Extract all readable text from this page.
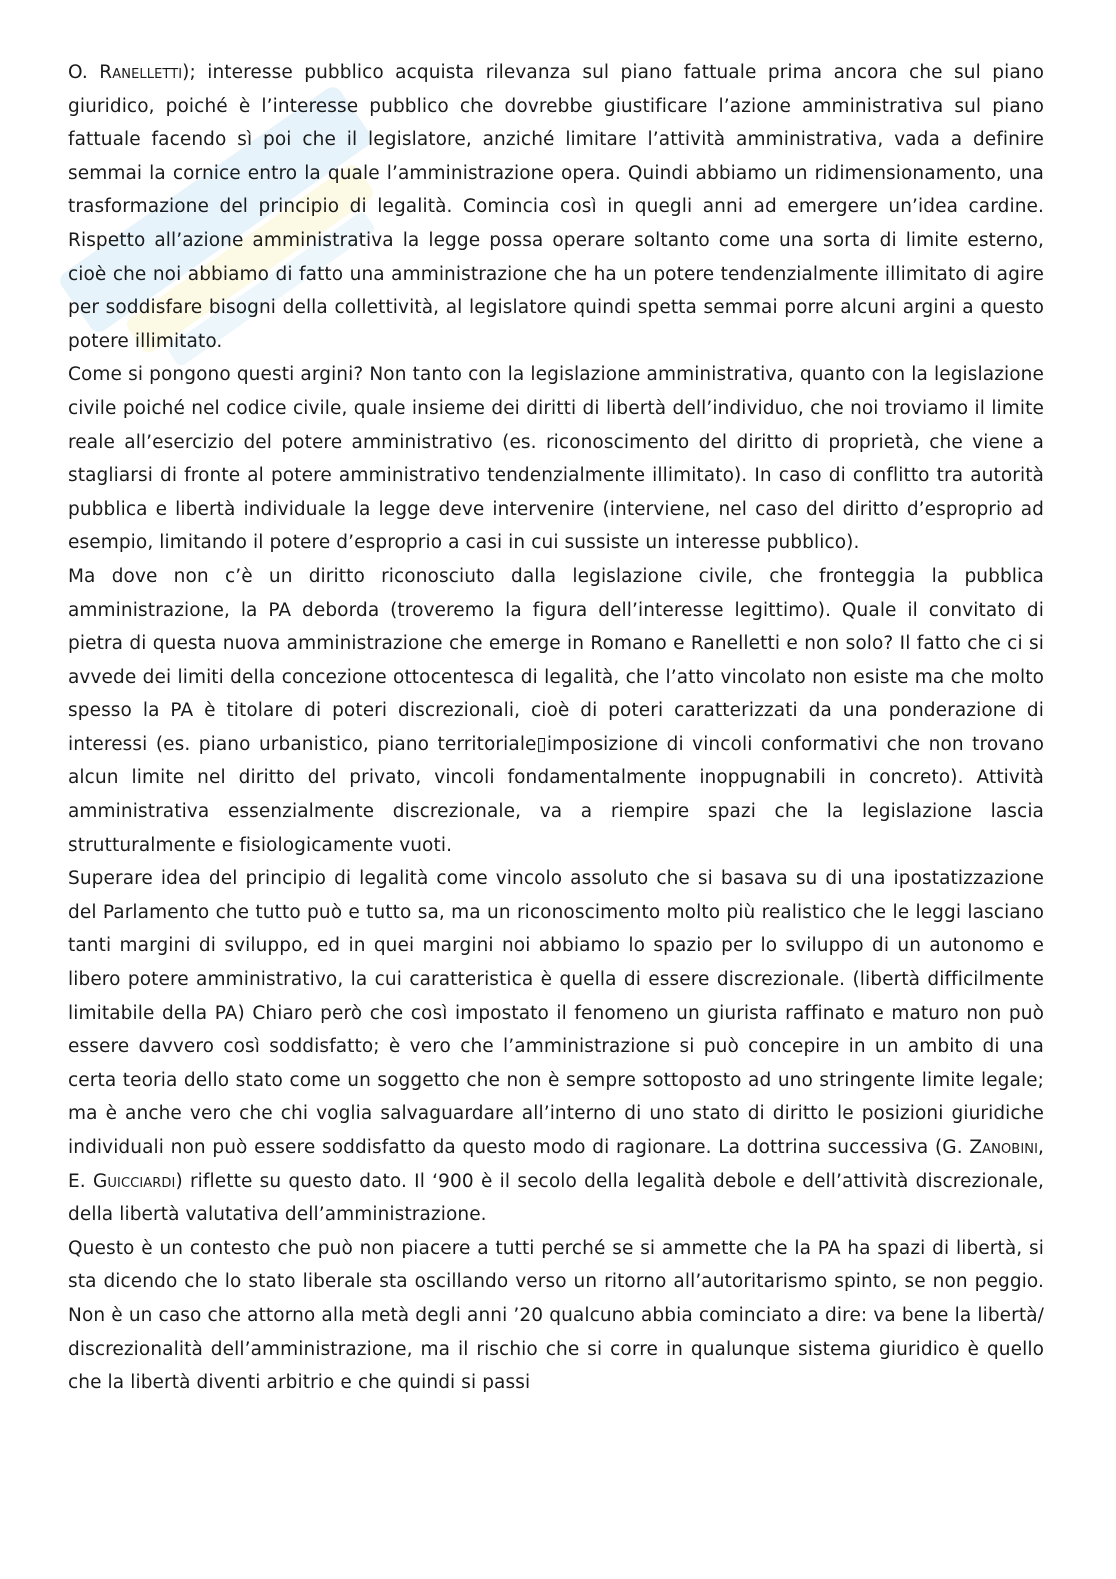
O. Ranelletti); interesse pubblico acquista rilevanza sul piano fattuale prima ancora che sul piano giuridico, poiché è l’interesse pubblico che dovrebbe giustificare l’azione amministrativa sul piano fattuale facendo sì poi che il legislatore, anziché limitare l’attività amministrativa, vada a definire semmai la cornice entro la quale l’amministrazione opera. Quindi abbiamo un ridimensionamento, una trasformazione del principio di legalità. Comincia così in quegli anni ad emergere un’idea cardine. Rispetto all’azione amministrativa la legge possa operare soltanto come una sorta di limite esterno, cioè che noi abbiamo di fatto una amministrazione che ha un potere tendenzialmente illimitato di agire per soddisfare bisogni della collettività, al legislatore quindi spetta semmai porre alcuni argini a questo potere illimitato.

Come si pongono questi argini? Non tanto con la legislazione amministrativa, quanto con la legislazione civile poiché nel codice civile, quale insieme dei diritti di libertà dell’individuo, che noi troviamo il limite reale all’esercizio del potere amministrativo (es. riconoscimento del diritto di proprietà, che viene a stagliarsi di fronte al potere amministrativo tendenzialmente illimitato). In caso di conflitto tra autorità pubblica e libertà individuale la legge deve intervenire (interviene, nel caso del diritto d’esproprio ad esempio, limitando il potere d’esproprio a casi in cui sussiste un interesse pubblico).

Ma dove non c’è un diritto riconosciuto dalla legislazione civile, che fronteggia la pubblica amministrazione, la PA deborda (troveremo la figura dell’interesse legittimo). Quale il convitato di pietra di questa nuova amministrazione che emerge in Romano e Ranelletti e non solo? Il fatto che ci si avvede dei limiti della concezione ottocentesca di legalità, che l’atto vincolato non esiste ma che molto spesso la PA è titolare di poteri discrezionali, cioè di poteri caratterizzati da una ponderazione di interessi (es. piano urbanistico, piano territoriale▯imposizione di vincoli conformativi che non trovano alcun limite nel diritto del privato, vincoli fondamentalmente inoppugnabili in concreto). Attività amministrativa essenzialmente discrezionale, va a riempire spazi che la legislazione lascia strutturalmente e fisiologicamente vuoti.

Superare idea del principio di legalità come vincolo assoluto che si basava su di una ipostatizzazione del Parlamento che tutto può e tutto sa, ma un riconoscimento molto più realistico che le leggi lasciano tanti margini di sviluppo, ed in quei margini noi abbiamo lo spazio per lo sviluppo di un autonomo e libero potere amministrativo, la cui caratteristica è quella di essere discrezionale. (libertà difficilmente limitabile della PA) Chiaro però che così impostato il fenomeno un giurista raffinato e maturo non può essere davvero così soddisfatto; è vero che l’amministrazione si può concepire in un ambito di una certa teoria dello stato come un soggetto che non è sempre sottoposto ad uno stringente limite legale; ma è anche vero che chi voglia salvaguardare all’interno di uno stato di diritto le posizioni giuridiche individuali non può essere soddisfatto da questo modo di ragionare. La dottrina successiva (G. Zanobini, E. Guicciardi) riflette su questo dato. Il ‘900 è il secolo della legalità debole e dell’attività discrezionale, della libertà valutativa dell’amministrazione.

Questo è un contesto che può non piacere a tutti perché se si ammette che la PA ha spazi di libertà, si sta dicendo che lo stato liberale sta oscillando verso un ritorno all’autoritarismo spinto, se non peggio. Non è un caso che attorno alla metà degli anni ’20 qualcuno abbia cominciato a dire: va bene la libertà/ discrezionalità dell’amministrazione, ma il rischio che si corre in qualunque sistema giuridico è quello che la libertà diventi arbitrio e che quindi si passi
